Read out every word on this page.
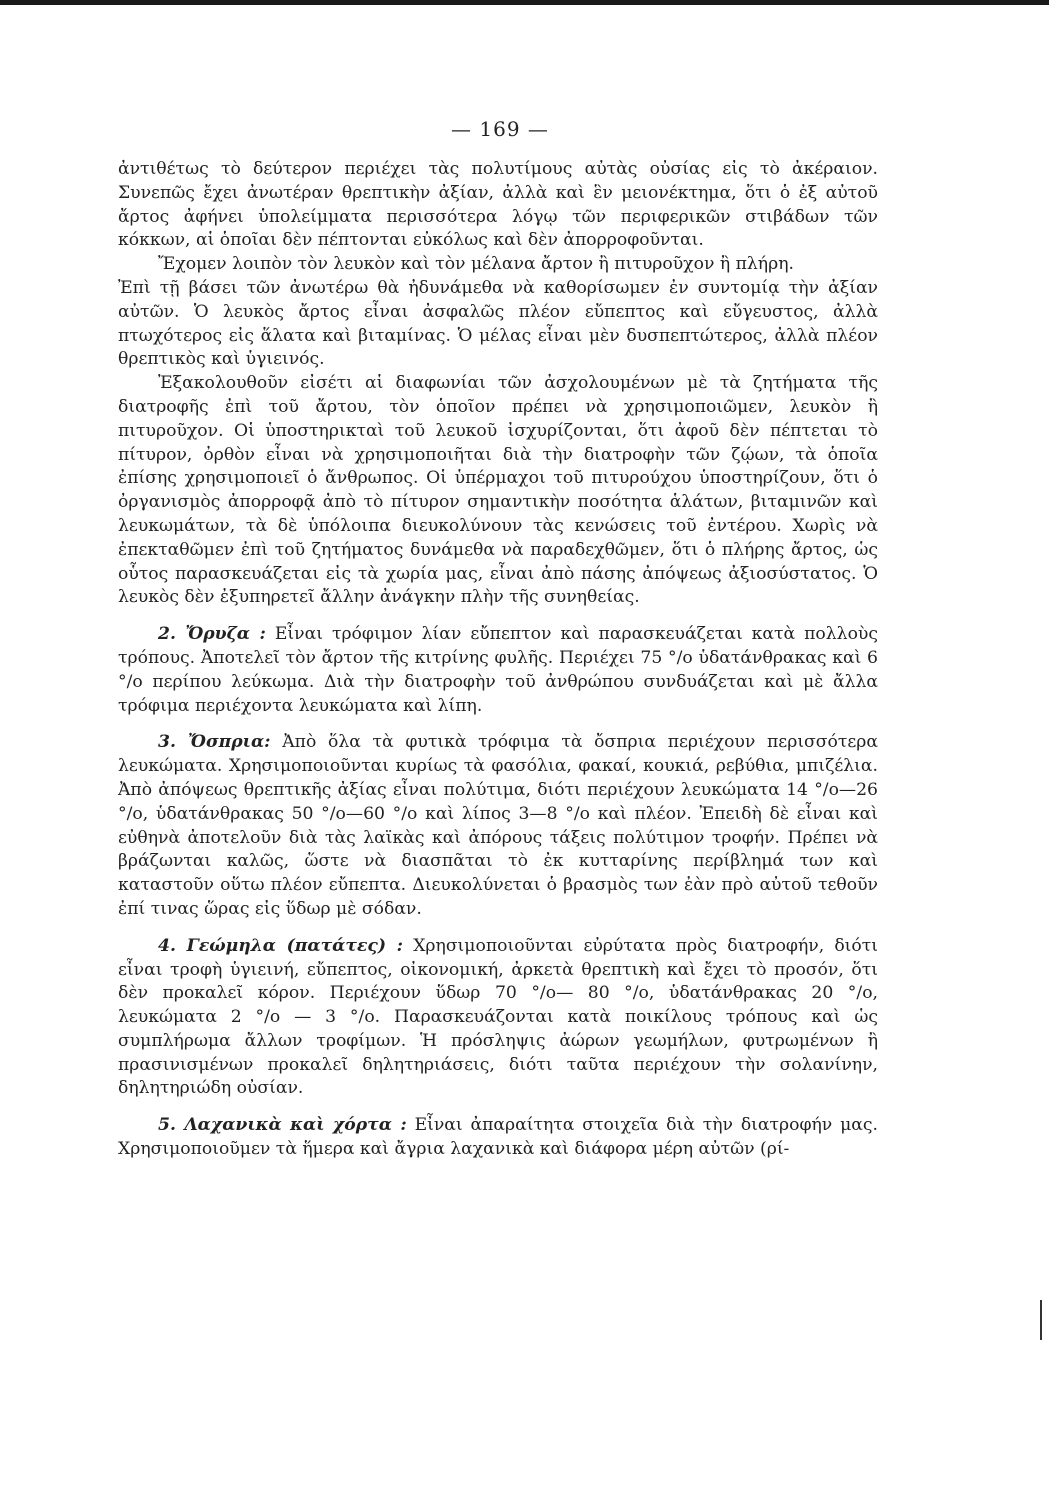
— 169 —

ἀντιθέτως τὸ δεύτερον περιέχει τὰς πολυτίμους αὐτὰς οὐσίας εἰς τὸ ἀκέραιον. Συνεπῶς ἔχει ἀνωτέραν θρεπτικὴν ἀξίαν, ἀλλὰ καὶ ἓν μειονέκτημα, ὅτι ὁ ἐξ αὐτοῦ ἄρτος ἀφήνει ὑπολείμματα περισσότερα λόγῳ τῶν περιφερικῶν στιβάδων τῶν κόκκων, αἱ ὁποῖαι δὲν πέπτονται εὐκόλως καὶ δὲν ἀπορροφοῦνται.

Ἔχομεν λοιπὸν τὸν λευκὸν καὶ τὸν μέλανα ἄρτον ἢ πιτυροῦχον ἢ πλήρη.

Ἐπὶ τῇ βάσει τῶν ἀνωτέρω θὰ ἠδυνάμεθα νὰ καθορίσωμεν ἐν συντομίᾳ τὴν ἀξίαν αὐτῶν. Ὁ λευκὸς ἄρτος εἶναι ἀσφαλῶς πλέον εὔπεπτος καὶ εὔγευστος, ἀλλὰ πτωχότερος εἰς ἅλατα καὶ βιταμίνας. Ὁ μέλας εἶναι μὲν δυσπεπτώτερος, ἀλλὰ πλέον θρεπτικὸς καὶ ὑγιεινός.

Ἐξακολουθοῦν εἰσέτι αἱ διαφωνίαι τῶν ἀσχολουμένων μὲ τὰ ζητήματα τῆς διατροφῆς ἐπὶ τοῦ ἄρτου, τὸν ὁποῖον πρέπει νὰ χρησιμοποιῶμεν, λευκὸν ἢ πιτυροῦχον. Οἱ ὑποστηρικταὶ τοῦ λευκοῦ ἰσχυρίζονται, ὅτι ἀφοῦ δὲν πέπτεται τὸ πίτυρον, ὀρθὸν εἶναι νὰ χρησιμοποιῆται διὰ τὴν διατροφὴν τῶν ζῴων, τὰ ὁποῖα ἐπίσης χρησιμοποιεῖ ὁ ἄνθρωπος. Οἱ ὑπέρμαχοι τοῦ πιτυρούχου ὑποστηρίζουν, ὅτι ὁ ὀργανισμὸς ἀπορροφᾷ ἀπὸ τὸ πίτυρον σημαντικὴν ποσότητα ἁλάτων, βιταμινῶν καὶ λευκωμάτων, τὰ δὲ ὑπόλοιπα διευκολύνουν τὰς κενώσεις τοῦ ἐντέρου. Χωρὶς νὰ ἐπεκταθῶμεν ἐπὶ τοῦ ζητήματος δυνάμεθα νὰ παραδεχθῶμεν, ὅτι ὁ πλήρης ἄρτος, ὡς οὗτος παρασκευάζεται εἰς τὰ χωρία μας, εἶναι ἀπὸ πάσης ἀπόψεως ἀξιοσύστατος. Ὁ λευκὸς δὲν ἐξυπηρετεῖ ἄλλην ἀνάγκην πλὴν τῆς συνηθείας.

2. Ὄρυζα : Εἶναι τρόφιμον λίαν εὔπεπτον καὶ παρασκευάζεται κατὰ πολλοὺς τρόπους. Ἀποτελεῖ τὸν ἄρτον τῆς κιτρίνης φυλῆς. Περιέχει 75 °/ο ὑδατάνθρακας καὶ 6 °/ο περίπου λεύκωμα. Διὰ τὴν διατροφὴν τοῦ ἀνθρώπου συνδυάζεται καὶ μὲ ἄλλα τρόφιμα περιέχοντα λευκώματα καὶ λίπη.

3. Ὄσπρια: Ἀπὸ ὅλα τὰ φυτικὰ τρόφιμα τὰ ὄσπρια περιέχουν περισσότερα λευκώματα. Χρησιμοποιοῦνται κυρίως τὰ φασόλια, φακαί, κουκιά, ρεβύθια, μπιζέλια. Ἀπὸ ἀπόψεως θρεπτικῆς ἀξίας εἶναι πολύτιμα, διότι περιέχουν λευκώματα 14 °/ο—26 °/ο, ὑδατάνθρακας 50 °/ο—60 °/ο καὶ λίπος 3—8 °/ο καὶ πλέον. Ἐπειδὴ δὲ εἶναι καὶ εὐθηνὰ ἀποτελοῦν διὰ τὰς λαϊκὰς καὶ ἀπόρους τάξεις πολύτιμον τροφήν. Πρέπει νὰ βράζωνται καλῶς, ὥστε νὰ διασπᾶται τὸ ἐκ κυτταρίνης περίβλημά των καὶ καταστοῦν οὕτω πλέον εὔπεπτα. Διευκολύνεται ὁ βρασμὸς των ἐὰν πρὸ αὐτοῦ τεθοῦν ἐπί τινας ὥρας εἰς ὕδωρ μὲ σόδαν.

4. Γεώμηλα (πατάτες) : Χρησιμοποιοῦνται εὐρύτατα πρὸς διατροφήν, διότι εἶναι τροφὴ ὑγιεινή, εὔπεπτος, οἰκονομική, ἀρκετὰ θρεπτικὴ καὶ ἔχει τὸ προσόν, ὅτι δὲν προκαλεῖ κόρον. Περιέχουν ὕδωρ 70 °/ο— 80 °/ο, ὑδατάνθρακας 20 °/ο, λευκώματα 2 °/ο — 3 °/ο. Παρασκευάζονται κατὰ ποικίλους τρόπους καὶ ὡς συμπλήρωμα ἄλλων τροφίμων. Ἡ πρόσληψις ἀώρων γεωμήλων, φυτρωμένων ἢ πρασινισμένων προκαλεῖ δηλητηριάσεις, διότι ταῦτα περιέχουν τὴν σολανίνην, δηλητηριώδη οὐσίαν.

5. Λαχανικὰ καὶ χόρτα : Εἶναι ἀπαραίτητα στοιχεῖα διὰ τὴν διατροφήν μας. Χρησιμοποιοῦμεν τὰ ἥμερα καὶ ἄγρια λαχανικὰ καὶ διάφορα μέρη αὐτῶν (ρί-
